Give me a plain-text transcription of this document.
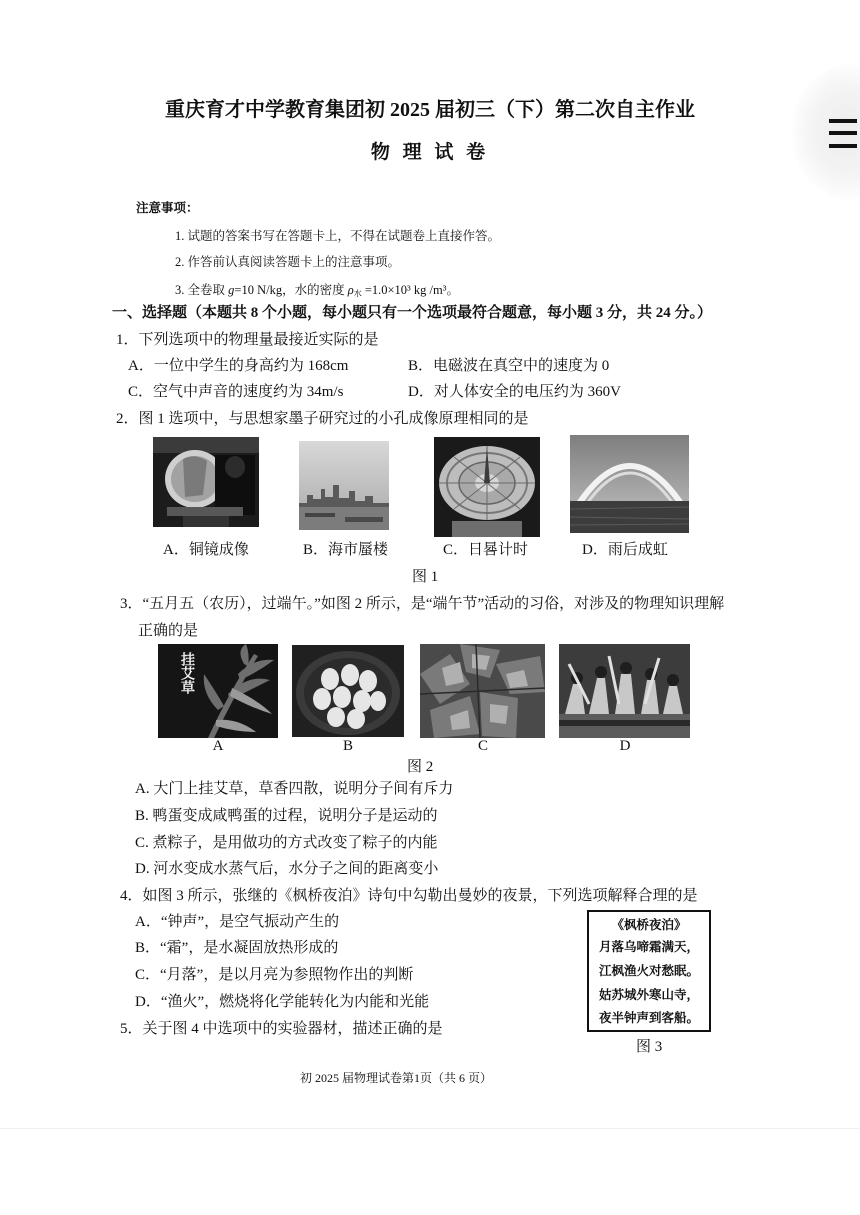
重庆育才中学教育集团初 2025 届初三（下）第二次自主作业
物 理 试 卷
注意事项：
1. 试题的答案书写在答题卡上，不得在试题卷上直接作答。
2. 作答前认真阅读答题卡上的注意事项。
3. 全卷取 g=10 N/kg，水的密度 $\rho_水 =1.0\times 10^3$ kg /m³。
一、选择题（本题共 8 个小题，每小题只有一个选项最符合题意，每小题 3 分，共 24 分。）
1．下列选项中的物理量最接近实际的是
A．一位中学生的身高约为 168cm	B．电磁波在真空中的速度为 0
C．空气中声音的速度约为 34m/s	D．对人体安全的电压约为 360V
2．图 1 选项中，与思想家墨子研究过的小孔成像原理相同的是
A．铜镜成像	B．海市蜃楼	C．日晷计时	D．雨后成虹
图 1
3．“五月五（农历），过端午。”如图 2 所示，是“端午节”活动的习俗，对涉及的物理知识理解正确的是
挂艾草
A	B	C	D
图 2
A. 大门上挂艾草，草香四散，说明分子间有斥力
B. 鸭蛋变成咸鸭蛋的过程，说明分子是运动的
C. 煮粽子，是用做功的方式改变了粽子的内能
D. 河水变成水蒸气后，水分子之间的距离变小
4．如图 3 所示，张继的《枫桥夜泊》诗句中勾勒出曼妙的夜景，下列选项解释合理的是
A．“钟声”，是空气振动产生的
B．“霜”，是水凝固放热形成的
C．“月落”，是以月亮为参照物作出的判断
D．“渔火”，燃烧将化学能转化为内能和光能
《枫桥夜泊》
月落乌啼霜满天，
江枫渔火对愁眠。
姑苏城外寒山寺，
夜半钟声到客船。
图 3
5．关于图 4 中选项中的实验器材，描述正确的是
初 2025 届物理试卷第1页（共 6 页）
